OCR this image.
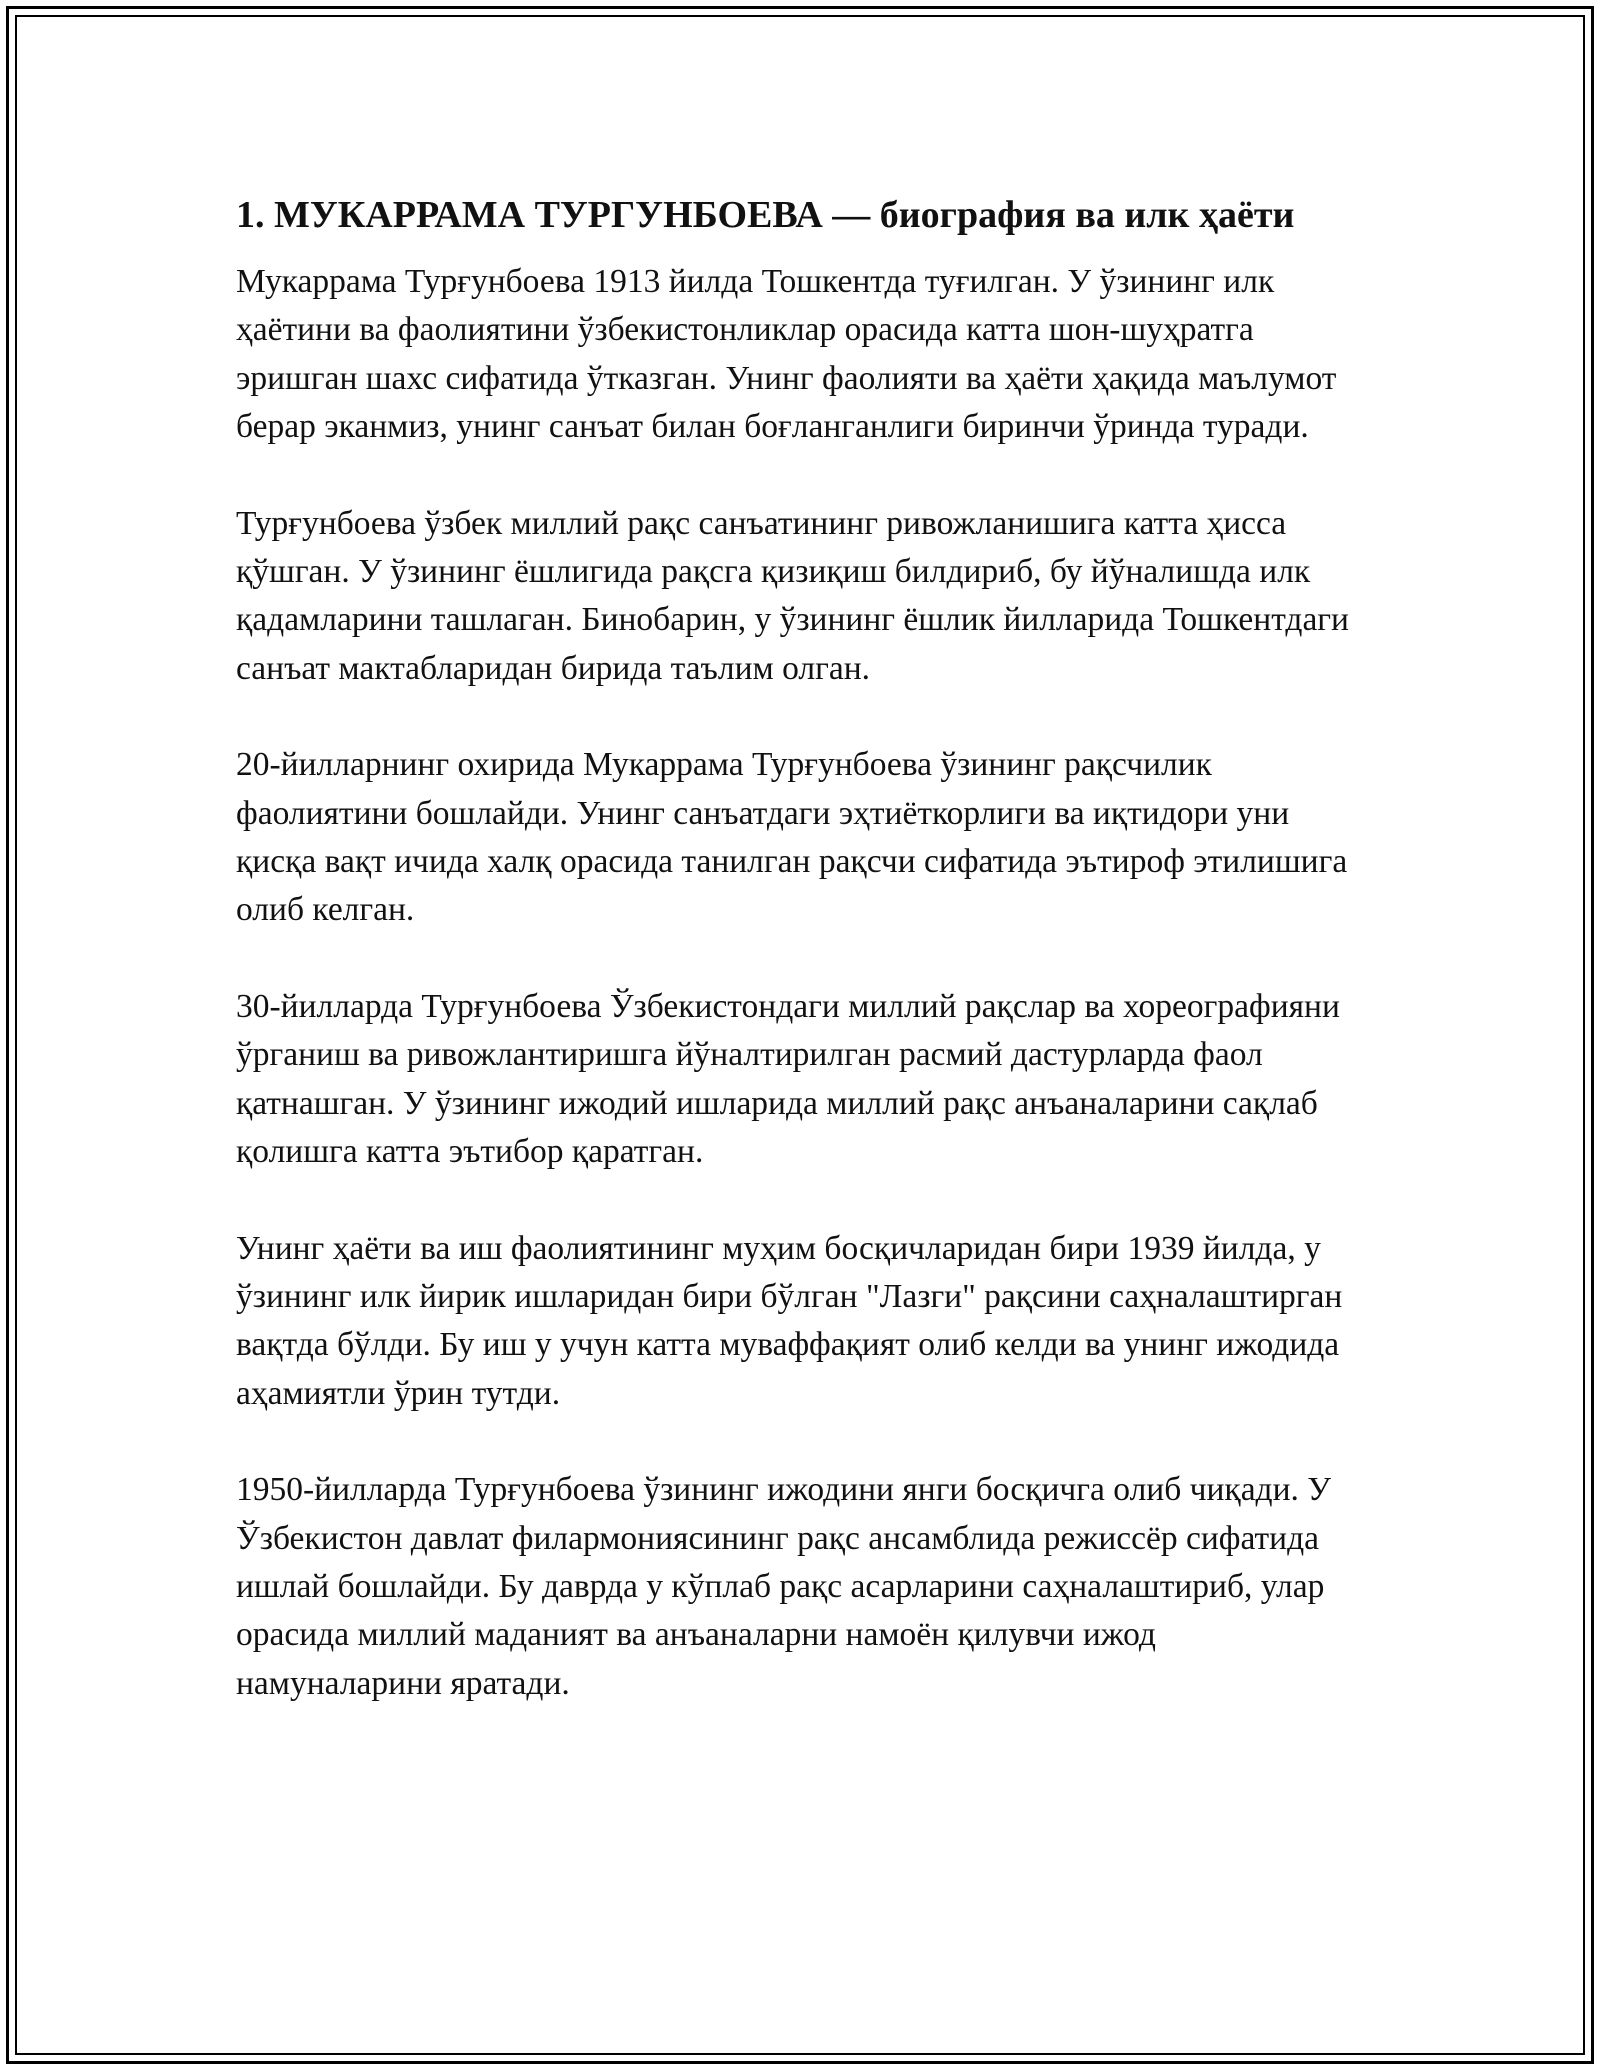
1. МУКАРРАМА ТУРГУНБОЕВА — биография ва илк ҳаёти

Мукаррама Турғунбоева 1913 йилда Тошкентда туғилган. У ўзининг илк ҳаётини ва фаолиятини ўзбекистонликлар орасида катта шон-шуҳратга эришган шахс сифатида ўтказган. Унинг фаолияти ва ҳаёти ҳақида маълумот берар эканмиз, унинг санъат билан боғланганлиги биринчи ўринда туради.

Турғунбоева ўзбек миллий рақс санъатининг ривожланишига катта ҳисса қўшган. У ўзининг ёшлигида рақсга қизиқиш билдириб, бу йўналишда илк қадамларини ташлаган. Бинобарин, у ўзининг ёшлик йилларида Тошкентдаги санъат мактабларидан бирида таълим олган.

20-йилларнинг охирида Мукаррама Турғунбоева ўзининг рақсчилик фаолиятини бошлайди. Унинг санъатдаги эҳтиёткорлиги ва иқтидори уни қисқа вақт ичида халқ орасида танилган рақсчи сифатида эътироф этилишига олиб келган.

30-йилларда Турғунбоева Ўзбекистондаги миллий рақслар ва хореографияни ўрганиш ва ривожлантиришга йўналтирилган расмий дастурларда фаол қатнашган. У ўзининг ижодий ишларида миллий рақс анъаналарини сақлаб қолишга катта эътибор қаратган.

Унинг ҳаёти ва иш фаолиятининг муҳим босқичларидан бири 1939 йилда, у ўзининг илк йирик ишларидан бири бўлган "Лазги" рақсини саҳналаштирган вақтда бўлди. Бу иш у учун катта муваффақият олиб келди ва унинг ижодида аҳамиятли ўрин тутди.

1950-йилларда Турғунбоева ўзининг ижодини янги босқичга олиб чиқади. У Ўзбекистон давлат филармониясининг рақс ансамблида режиссёр сифатида ишлай бошлайди. Бу даврда у кўплаб рақс асарларини саҳналаштириб, улар орасида миллий маданият ва анъаналарни намоён қилувчи ижод намуналарини яратади.
